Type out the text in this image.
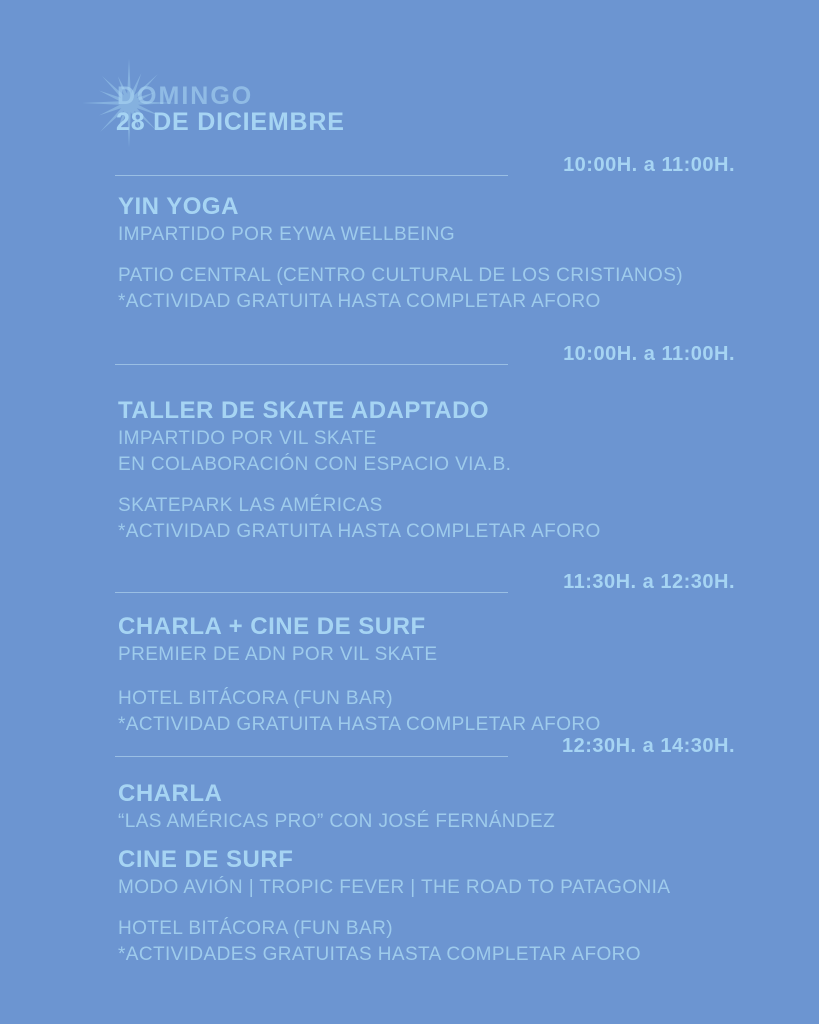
DOMINGO
28 DE DICIEMBRE
10:00H. a 11:00H.
YIN YOGA
IMPARTIDO POR EYWA WELLBEING
PATIO CENTRAL (CENTRO CULTURAL DE LOS CRISTIANOS)
*ACTIVIDAD GRATUITA HASTA COMPLETAR AFORO
10:00H. a 11:00H.
TALLER DE SKATE ADAPTADO
IMPARTIDO POR VIL SKATE
EN COLABORACIÓN CON ESPACIO VIA.B.
SKATEPARK LAS AMÉRICAS
*ACTIVIDAD GRATUITA HASTA COMPLETAR AFORO
11:30H. a 12:30H.
CHARLA + CINE DE SURF
PREMIER DE ADN POR VIL SKATE
HOTEL BITÁCORA (FUN BAR)
*ACTIVIDAD GRATUITA HASTA COMPLETAR AFORO
12:30H. a 14:30H.
CHARLA
“LAS AMÉRICAS PRO” CON JOSÉ FERNÁNDEZ
CINE DE SURF
MODO AVIÓN | TROPIC FEVER | THE ROAD TO PATAGONIA
HOTEL BITÁCORA (FUN BAR)
*ACTIVIDADES GRATUITAS HASTA COMPLETAR AFORO
